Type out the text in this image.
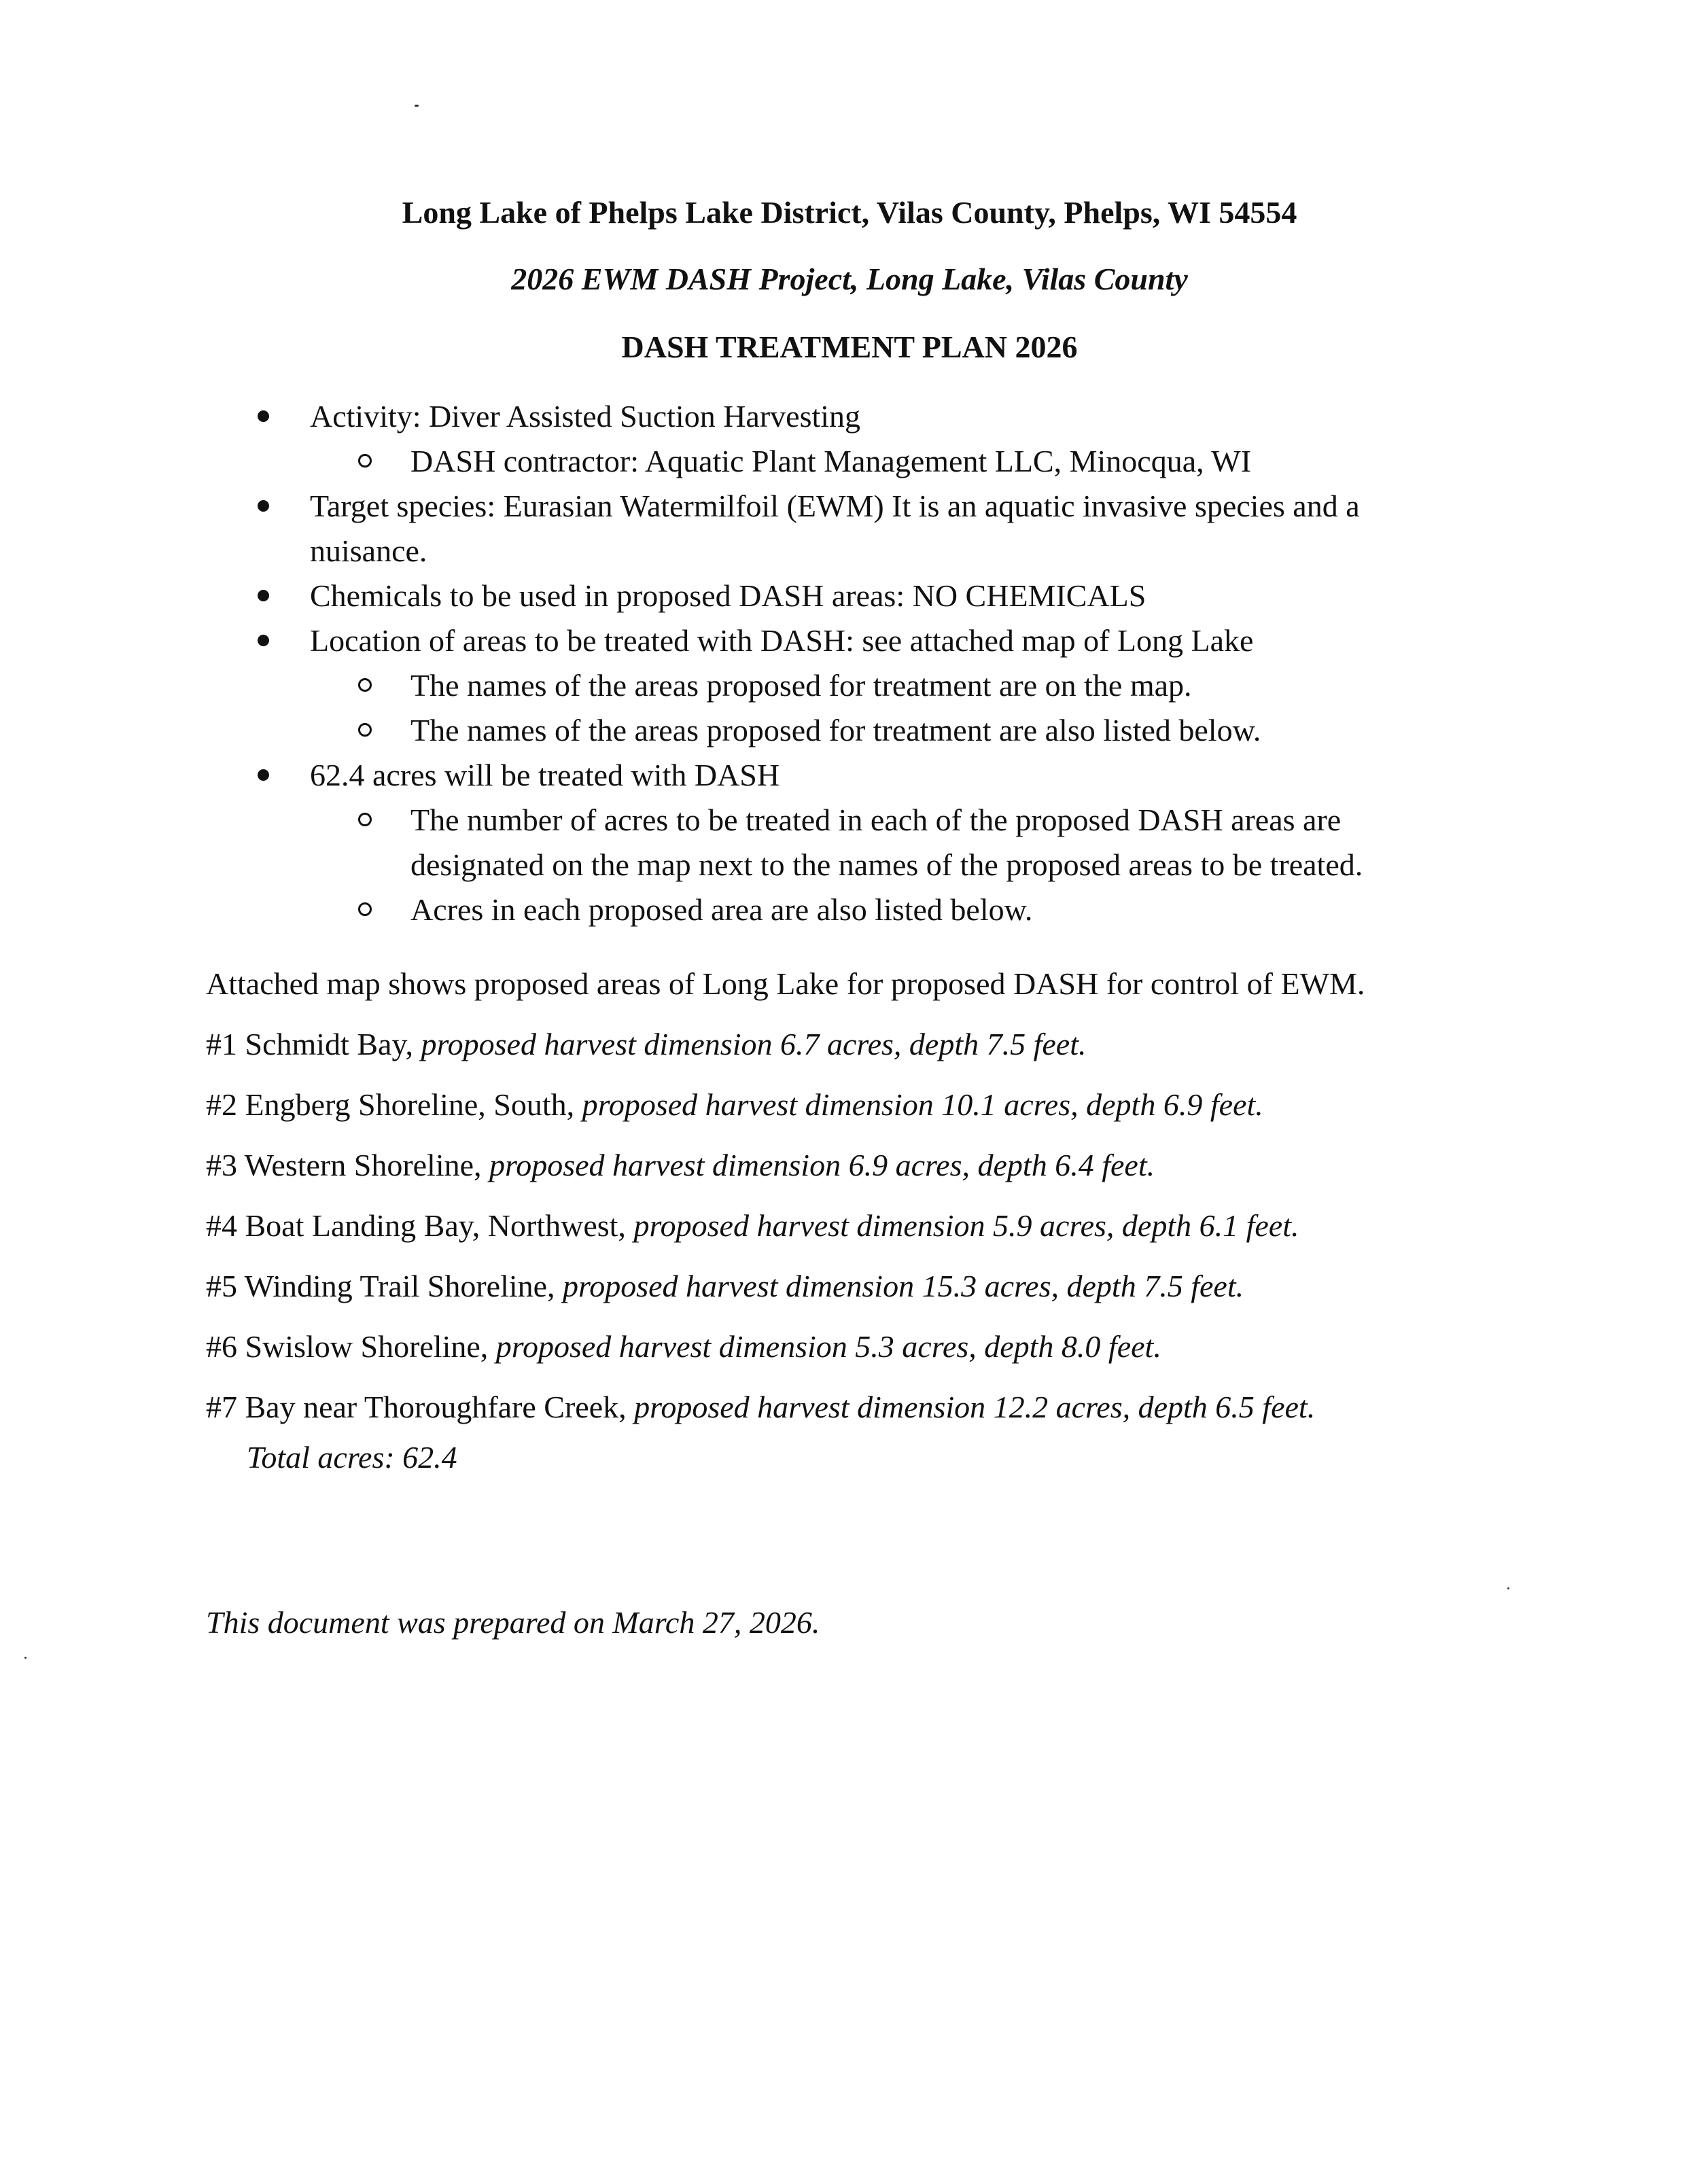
Long Lake of Phelps Lake District, Vilas County, Phelps, WI 54554
2026 EWM DASH Project, Long Lake, Vilas County
DASH TREATMENT PLAN 2026
Activity: Diver Assisted Suction Harvesting
DASH contractor: Aquatic Plant Management LLC, Minocqua, WI
Target species: Eurasian Watermilfoil (EWM) It is an aquatic invasive species and a nuisance.
Chemicals to be used in proposed DASH areas: NO CHEMICALS
Location of areas to be treated with DASH: see attached map of Long Lake
The names of the areas proposed for treatment are on the map.
The names of the areas proposed for treatment are also listed below.
62.4 acres will be treated with DASH
The number of acres to be treated in each of the proposed DASH areas are designated on the map next to the names of the proposed areas to be treated.
Acres in each proposed area are also listed below.
Attached map shows proposed areas of Long Lake for proposed DASH for control of EWM.
#1 Schmidt Bay, proposed harvest dimension 6.7 acres, depth 7.5 feet.
#2 Engberg Shoreline, South, proposed harvest dimension 10.1 acres, depth 6.9 feet.
#3 Western Shoreline, proposed harvest dimension 6.9 acres, depth 6.4 feet.
#4 Boat Landing Bay, Northwest, proposed harvest dimension 5.9 acres, depth 6.1 feet.
#5 Winding Trail Shoreline, proposed harvest dimension 15.3 acres, depth 7.5 feet.
#6 Swislow Shoreline, proposed harvest dimension 5.3 acres, depth 8.0 feet.
#7 Bay near Thoroughfare Creek, proposed harvest dimension 12.2 acres, depth 6.5 feet.
Total acres: 62.4
This document was prepared on March 27, 2026.
